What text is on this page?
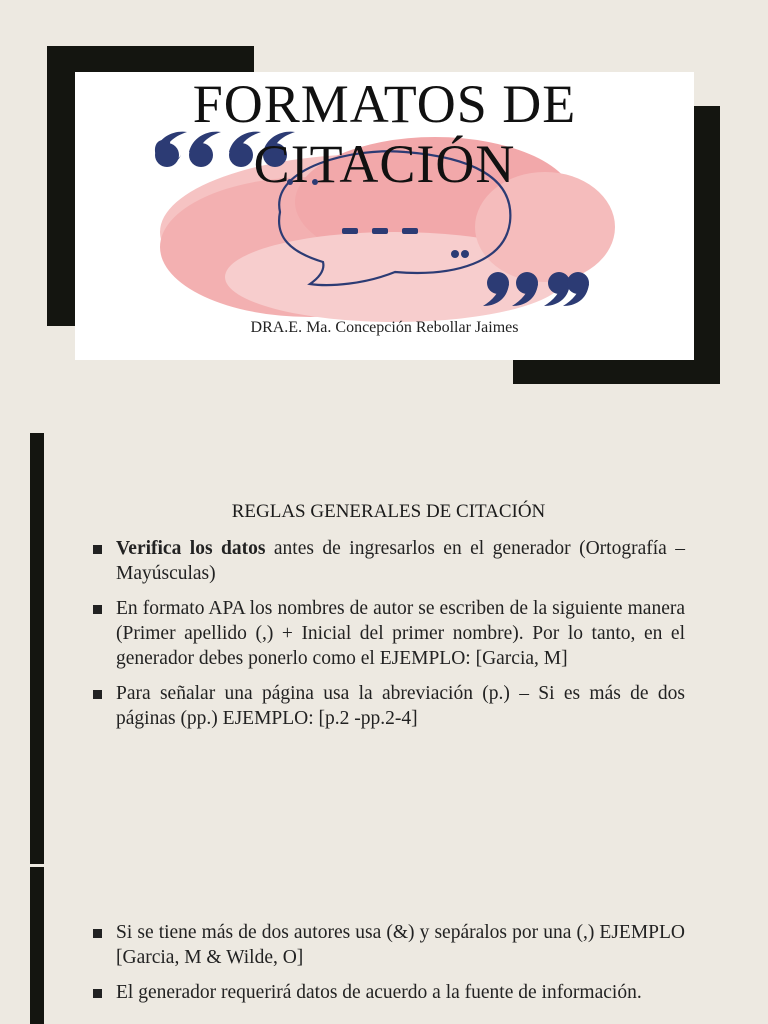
FORMATOS DE
CITACIÓN
DRA.E. Ma. Concepción Rebollar Jaimes
REGLAS GENERALES DE CITACIÓN
Verifica los datos antes de ingresarlos en el generador (Ortografía – Mayúsculas)
En formato APA los nombres de autor se escriben de la siguiente manera (Primer apellido (,) + Inicial del primer nombre). Por lo tanto, en el generador debes ponerlo como el EJEMPLO: [Garcia, M]
Para señalar una página usa la abreviación (p.) – Si es más de dos páginas (pp.) EJEMPLO: [p.2 -pp.2-4]
Si se tiene más de dos autores usa (&) y sepáralos por una (,) EJEMPLO [Garcia, M & Wilde, O]
El generador requerirá datos de acuerdo a la fuente de información.
